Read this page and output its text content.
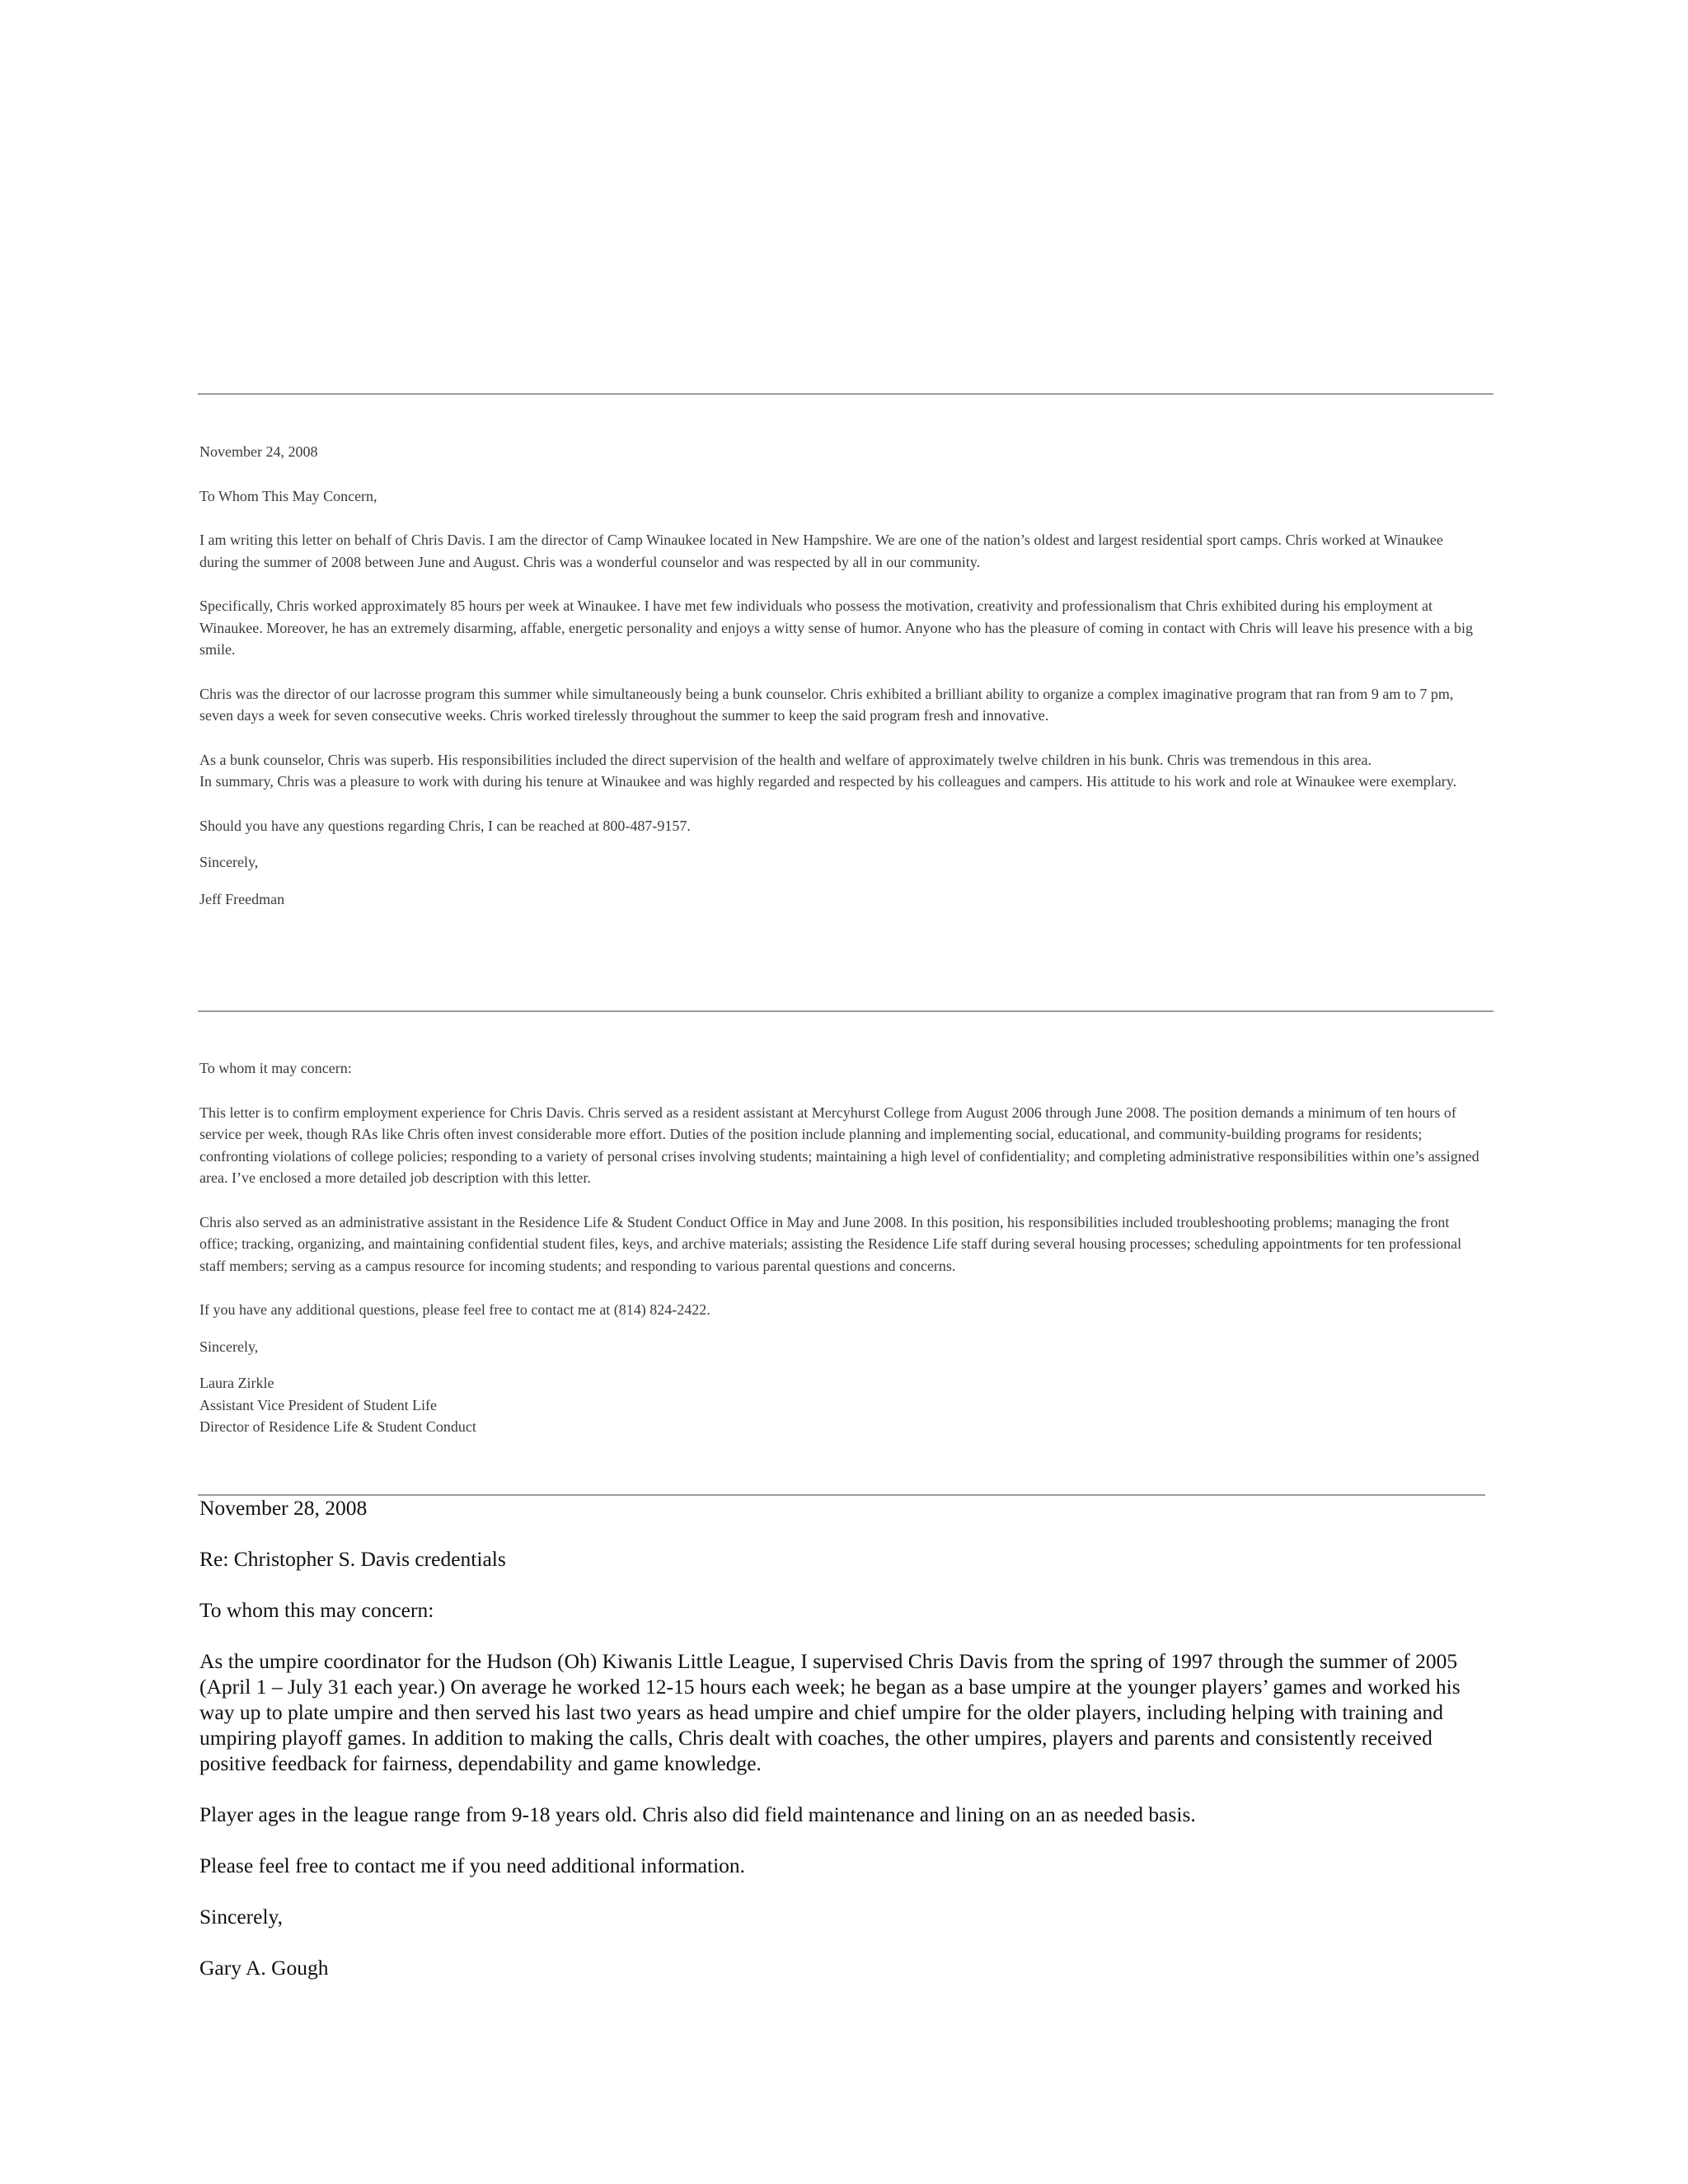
November 24, 2008

To Whom This May Concern,

I am writing this letter on behalf of Chris Davis. I am the director of Camp Winaukee located in New Hampshire. We are one of the nation’s oldest and largest residential sport camps. Chris worked at Winaukee during the summer of 2008 between June and August. Chris was a wonderful counselor and was respected by all in our community.

Specifically, Chris worked approximately 85 hours per week at Winaukee. I have met few individuals who possess the motivation, creativity and professionalism that Chris exhibited during his employment at Winaukee. Moreover, he has an extremely disarming, affable, energetic personality and enjoys a witty sense of humor. Anyone who has the pleasure of coming in contact with Chris will leave his presence with a big smile.

Chris was the director of our lacrosse program this summer while simultaneously being a bunk counselor. Chris exhibited a brilliant ability to organize a complex imaginative program that ran from 9 am to 7 pm, seven days a week for seven consecutive weeks. Chris worked tirelessly throughout the summer to keep the said program fresh and innovative.

As a bunk counselor, Chris was superb. His responsibilities included the direct supervision of the health and welfare of approximately twelve children in his bunk. Chris was tremendous in this area.

In summary, Chris was a pleasure to work with during his tenure at Winaukee and was highly regarded and respected by his colleagues and campers. His attitude to his work and role at Winaukee were exemplary.

Should you have any questions regarding Chris, I can be reached at 800-487-9157.

Sincerely,

Jeff Freedman

To whom it may concern:

This letter is to confirm employment experience for Chris Davis. Chris served as a resident assistant at Mercyhurst College from August 2006 through June 2008. The position demands a minimum of ten hours of service per week, though RAs like Chris often invest considerable more effort. Duties of the position include planning and implementing social, educational, and community-building programs for residents; confronting violations of college policies; responding to a variety of personal crises involving students; maintaining a high level of confidentiality; and completing administrative responsibilities within one’s assigned area. I’ve enclosed a more detailed job description with this letter.

Chris also served as an administrative assistant in the Residence Life & Student Conduct Office in May and June 2008. In this position, his responsibilities included troubleshooting problems; managing the front office; tracking, organizing, and maintaining confidential student files, keys, and archive materials; assisting the Residence Life staff during several housing processes; scheduling appointments for ten professional staff members; serving as a campus resource for incoming students; and responding to various parental questions and concerns.

If you have any additional questions, please feel free to contact me at (814) 824-2422.

Sincerely,

Laura Zirkle

Assistant Vice President of Student Life

Director of Residence Life & Student Conduct

November 28, 2008

Re: Christopher S. Davis credentials

To whom this may concern:

As the umpire coordinator for the Hudson (Oh) Kiwanis Little League, I supervised Chris Davis from the spring of 1997 through the summer of 2005 (April 1 – July 31 each year.) On average he worked 12-15 hours each week; he began as a base umpire at the younger players’ games and worked his way up to plate umpire and then served his last two years as head umpire and chief umpire for the older players, including helping with training and umpiring playoff games. In addition to making the calls, Chris dealt with coaches, the other umpires, players and parents and consistently received positive feedback for fairness, dependability and game knowledge.

Player ages in the league range from 9-18 years old. Chris also did field maintenance and lining on an as needed basis.

Please feel free to contact me if you need additional information.

Sincerely,

Gary A. Gough
